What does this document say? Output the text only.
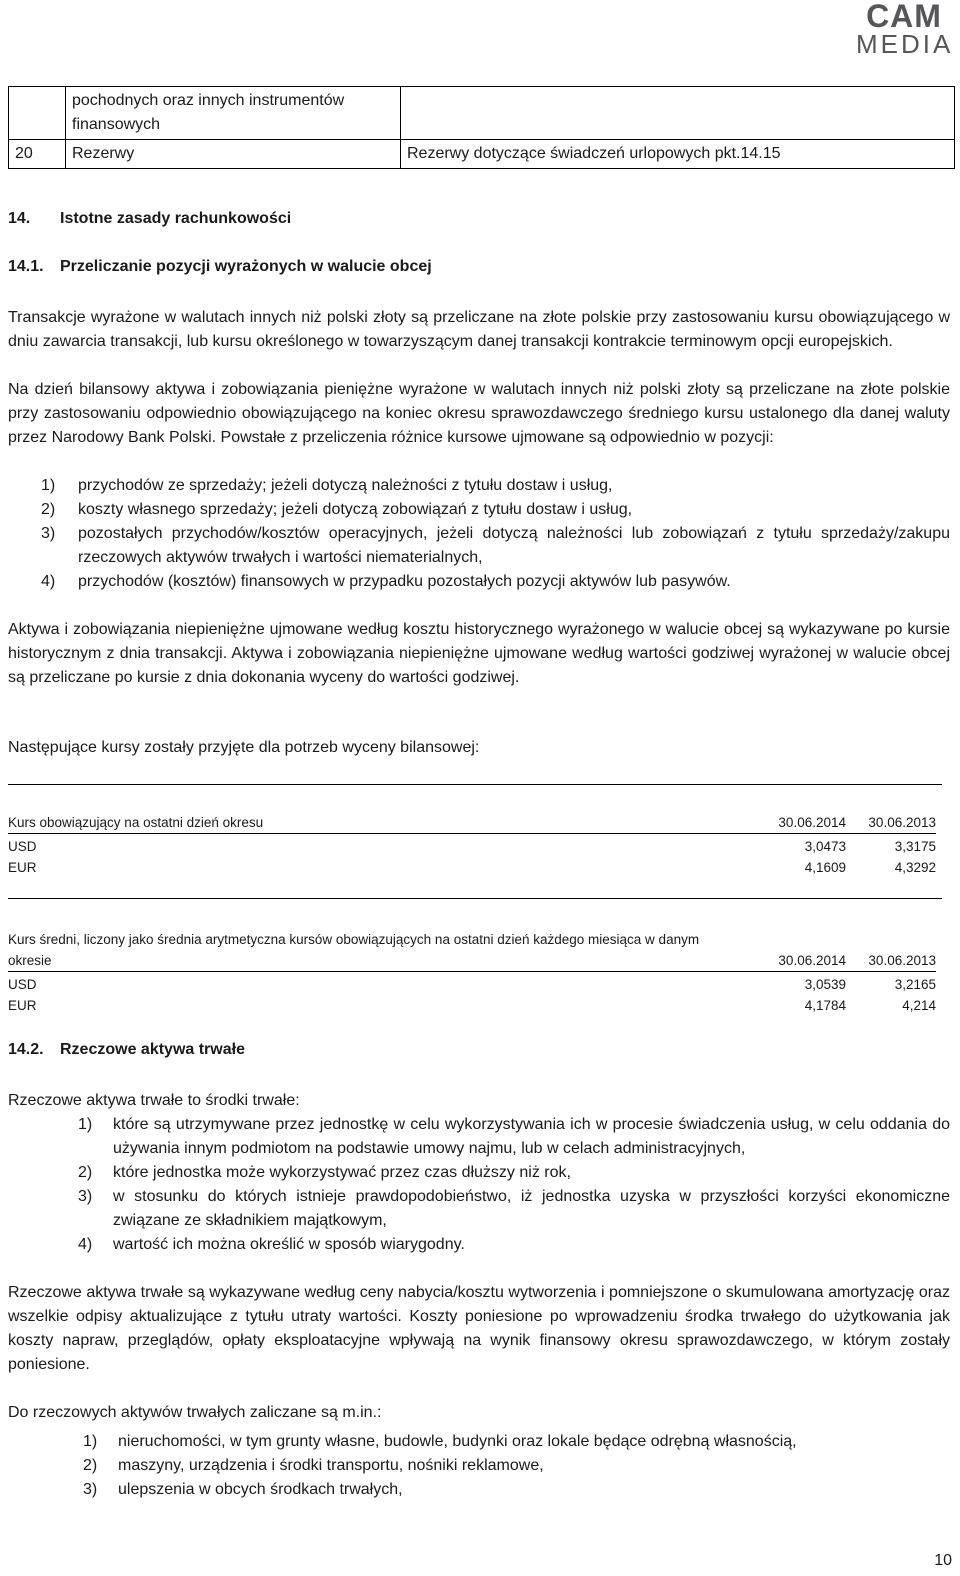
CAM
MEDIA
	pochodnych oraz innych instrumentów finansowych	
20	Rezerwy	Rezerwy dotyczące świadczeń urlopowych pkt.14.15
14. Istotne zasady rachunkowości
14.1. Przeliczanie pozycji wyrażonych w walucie obcej
Transakcje wyrażone w walutach innych niż polski złoty są przeliczane na złote polskie przy zastosowaniu kursu obowiązującego w dniu zawarcia transakcji, lub kursu określonego w towarzyszącym danej transakcji kontrakcie terminowym opcji europejskich.
Na dzień bilansowy aktywa i zobowiązania pieniężne wyrażone w walutach innych niż polski złoty są przeliczane na złote polskie przy zastosowaniu odpowiednio obowiązującego na koniec okresu sprawozdawczego średniego kursu ustalonego dla danej waluty przez Narodowy Bank Polski. Powstałe z przeliczenia różnice kursowe ujmowane są odpowiednio w pozycji:
1) przychodów ze sprzedaży; jeżeli dotyczą należności z tytułu dostaw i usług,
2) koszty własnego sprzedaży; jeżeli dotyczą zobowiązań z tytułu dostaw i usług,
3) pozostałych przychodów/kosztów operacyjnych, jeżeli dotyczą należności lub zobowiązań z tytułu sprzedaży/zakupu rzeczowych aktywów trwałych i wartości niematerialnych,
4) przychodów (kosztów) finansowych w przypadku pozostałych pozycji aktywów lub pasywów.
Aktywa i zobowiązania niepieniężne ujmowane według kosztu historycznego wyrażonego w walucie obcej są wykazywane po kursie historycznym z dnia transakcji. Aktywa i zobowiązania niepieniężne ujmowane według wartości godziwej wyrażonej w walucie obcej są przeliczane po kursie z dnia dokonania wyceny do wartości godziwej.
Następujące kursy zostały przyjęte dla potrzeb wyceny bilansowej:
Kurs obowiązujący na ostatni dzień okresu	30.06.2014 30.06.2013
USD	3,0473	3,3175
EUR	4,1609	4,3292
Kurs średni, liczony jako średnia arytmetyczna kursów obowiązujących na ostatni dzień każdego miesiąca w danym
okresie	30.06.2014 30.06.2013
USD	3,0539	3,2165
EUR	4,1784	4,214
14.2. Rzeczowe aktywa trwałe
Rzeczowe aktywa trwałe to środki trwałe:
1) które są utrzymywane przez jednostkę w celu wykorzystywania ich w procesie świadczenia usług, w celu oddania do używania innym podmiotom na podstawie umowy najmu, lub w celach administracyjnych,
2) które jednostka może wykorzystywać przez czas dłuższy niż rok,
3) w stosunku do których istnieje prawdopodobieństwo, iż jednostka uzyska w przyszłości korzyści ekonomiczne związane ze składnikiem majątkowym,
4) wartość ich można określić w sposób wiarygodny.
Rzeczowe aktywa trwałe są wykazywane według ceny nabycia/kosztu wytworzenia i pomniejszone o skumulowana amortyzację oraz wszelkie odpisy aktualizujące z tytułu utraty wartości. Koszty poniesione po wprowadzeniu środka trwałego do użytkowania jak koszty napraw, przeglądów, opłaty eksploatacyjne wpływają na wynik finansowy okresu sprawozdawczego, w którym zostały poniesione.
Do rzeczowych aktywów trwałych zaliczane są m.in.:
1) nieruchomości, w tym grunty własne, budowle, budynki oraz lokale będące odrębną własnością,
2) maszyny, urządzenia i środki transportu, nośniki reklamowe,
3) ulepszenia w obcych środkach trwałych,
10
